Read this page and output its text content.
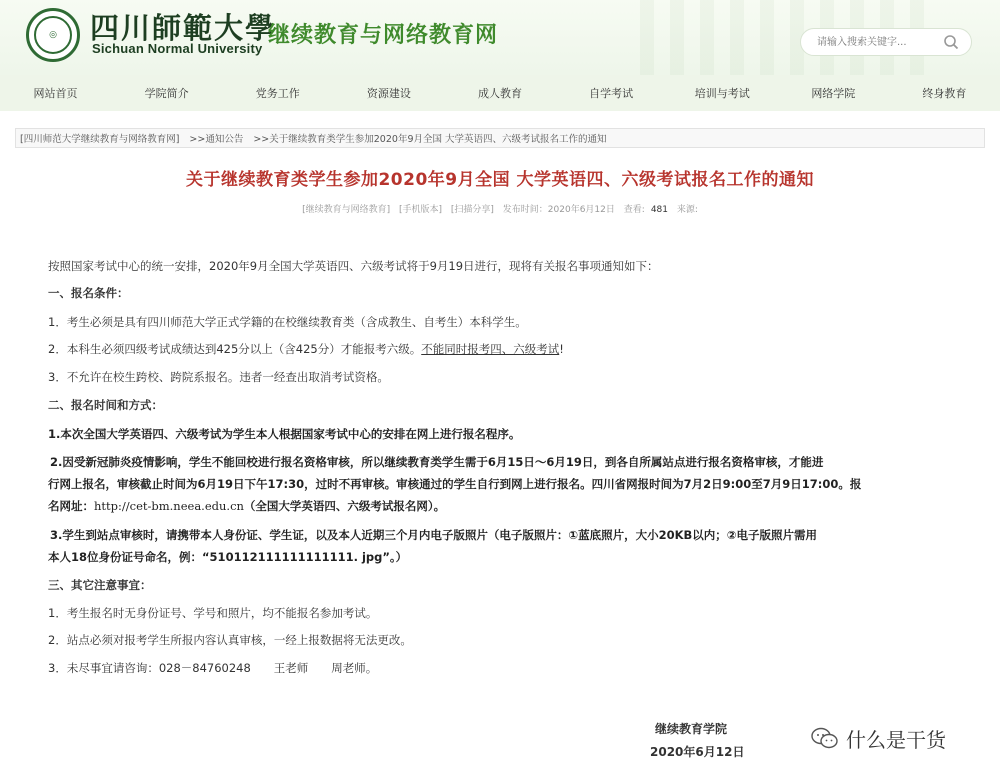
◎	四川師範大學
Sichuan Normal University
继续教育与网络教育网
请输入搜索关键字...
网站首页	学院简介	党务工作	资源建设	成人教育	自学考试	培训与考试	网络学院	终身教育
[四川师范大学继续教育与网络教育网] >>通知公告 >>关于继续教育类学生参加2020年9月全国 大学英语四、六级考试报名工作的通知
关于继续教育类学生参加2020年9月全国 大学英语四、六级考试报名工作的通知
[继续教育与网络教育] [手机版本] [扫描分享] 发布时间：2020年6月12日 查看: 481 来源:
按照国家考试中心的统一安排，2020年9月全国大学英语四、六级考试将于9月19日进行，现将有关报名事项通知如下：
一、报名条件：
1．考生必须是具有四川师范大学正式学籍的在校继续教育类（含成教生、自考生）本科学生。
2．本科生必须四级考试成绩达到425分以上（含425分）才能报考六级。不能同时报考四、六级考试!
3．不允许在校生跨校、跨院系报名。违者一经查出取消考试资格。
二、报名时间和方式：
1.本次全国大学英语四、六级考试为学生本人根据国家考试中心的安排在网上进行报名程序。
2.因受新冠肺炎疫情影响，学生不能回校进行报名资格审核，所以继续教育类学生需于6月15日～6月19日，到各自所属站点进行报名资格审核，才能进
行网上报名，审核截止时间为6月19日下午17:30，过时不再审核。审核通过的学生自行到网上进行报名。四川省网报时间为7月2日9:00至7月9日17:00。报
名网址：http://cet-bm.neea.edu.cn（全国大学英语四、六级考试报名网）。
3.学生到站点审核时，请携带本人身份证、学生证，以及本人近期三个月内电子版照片（电子版照片：①蓝底照片，大小20KB以内；②电子版照片需用
本人18位身份证号命名，例：“510112111111111111. jpg”。）
三、其它注意事宜：
1．考生报名时无身份证号、学号和照片，均不能报名参加考试。
2．站点必须对报考学生所报内容认真审核，一经上报数据将无法更改。
3．未尽事宜请咨询：028－84760248　　王老师　　周老师。
继续教育学院
2020年6月12日	什么是干货
